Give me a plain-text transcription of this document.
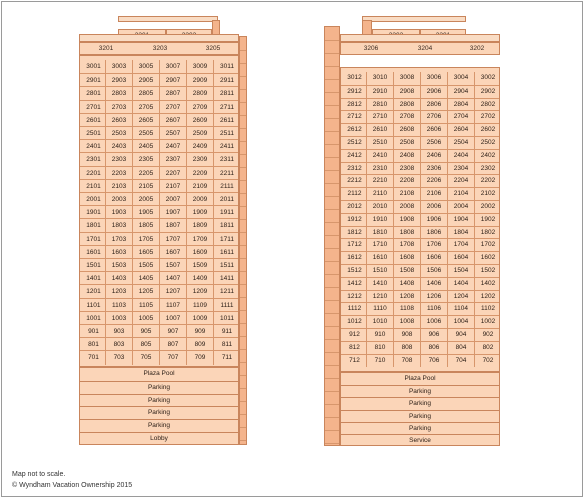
3201	3203	3205
3001	3003	3005	3007	3009	3011
2901	2903	2905	2907	2909	2911
2801	2803	2805	2807	2809	2811
2701	2703	2705	2707	2709	2711
2601	2603	2605	2607	2609	2611
2501	2503	2505	2507	2509	2511
2401	2403	2405	2407	2409	2411
2301	2303	2305	2307	2309	2311
2201	2203	2205	2207	2209	2211
2101	2103	2105	2107	2109	2111
2001	2003	2005	2007	2009	2011
1901	1903	1905	1907	1909	1911
1801	1803	1805	1807	1809	1811
1701	1703	1705	1707	1709	1711
1601	1603	1605	1607	1609	1611
1501	1503	1505	1507	1509	1511
1401	1403	1405	1407	1409	1411
1201	1203	1205	1207	1209	1211
1101	1103	1105	1107	1109	1111
1001	1003	1005	1007	1009	1011
901	903	905	907	909	911
801	803	805	807	809	811
701	703	705	707	709	711
Plaza Pool
Parking
Parking
Parking
Parking
Lobby
3206	3204	3202
3012	3010	3008	3006	3004	3002
2912	2910	2908	2906	2904	2902
2812	2810	2808	2806	2804	2802
2712	2710	2708	2706	2704	2702
2612	2610	2608	2606	2604	2602
2512	2510	2508	2506	2504	2502
2412	2410	2408	2406	2404	2402
2312	2310	2308	2306	2304	2302
2212	2210	2208	2206	2204	2202
2112	2110	2108	2106	2104	2102
2012	2010	2008	2006	2004	2002
1912	1910	1908	1906	1904	1902
1812	1810	1808	1806	1804	1802
1712	1710	1708	1706	1704	1702
1612	1610	1608	1606	1604	1602
1512	1510	1508	1506	1504	1502
1412	1410	1408	1406	1404	1402
1212	1210	1208	1206	1204	1202
1112	1110	1108	1106	1104	1102
1012	1010	1008	1006	1004	1002
912	910	908	906	904	902
812	810	808	806	804	802
712	710	708	706	704	702
Plaza Pool
Parking
Parking
Parking
Parking
Service
Map not to scale.
© Wyndham Vacation Ownership 2015
